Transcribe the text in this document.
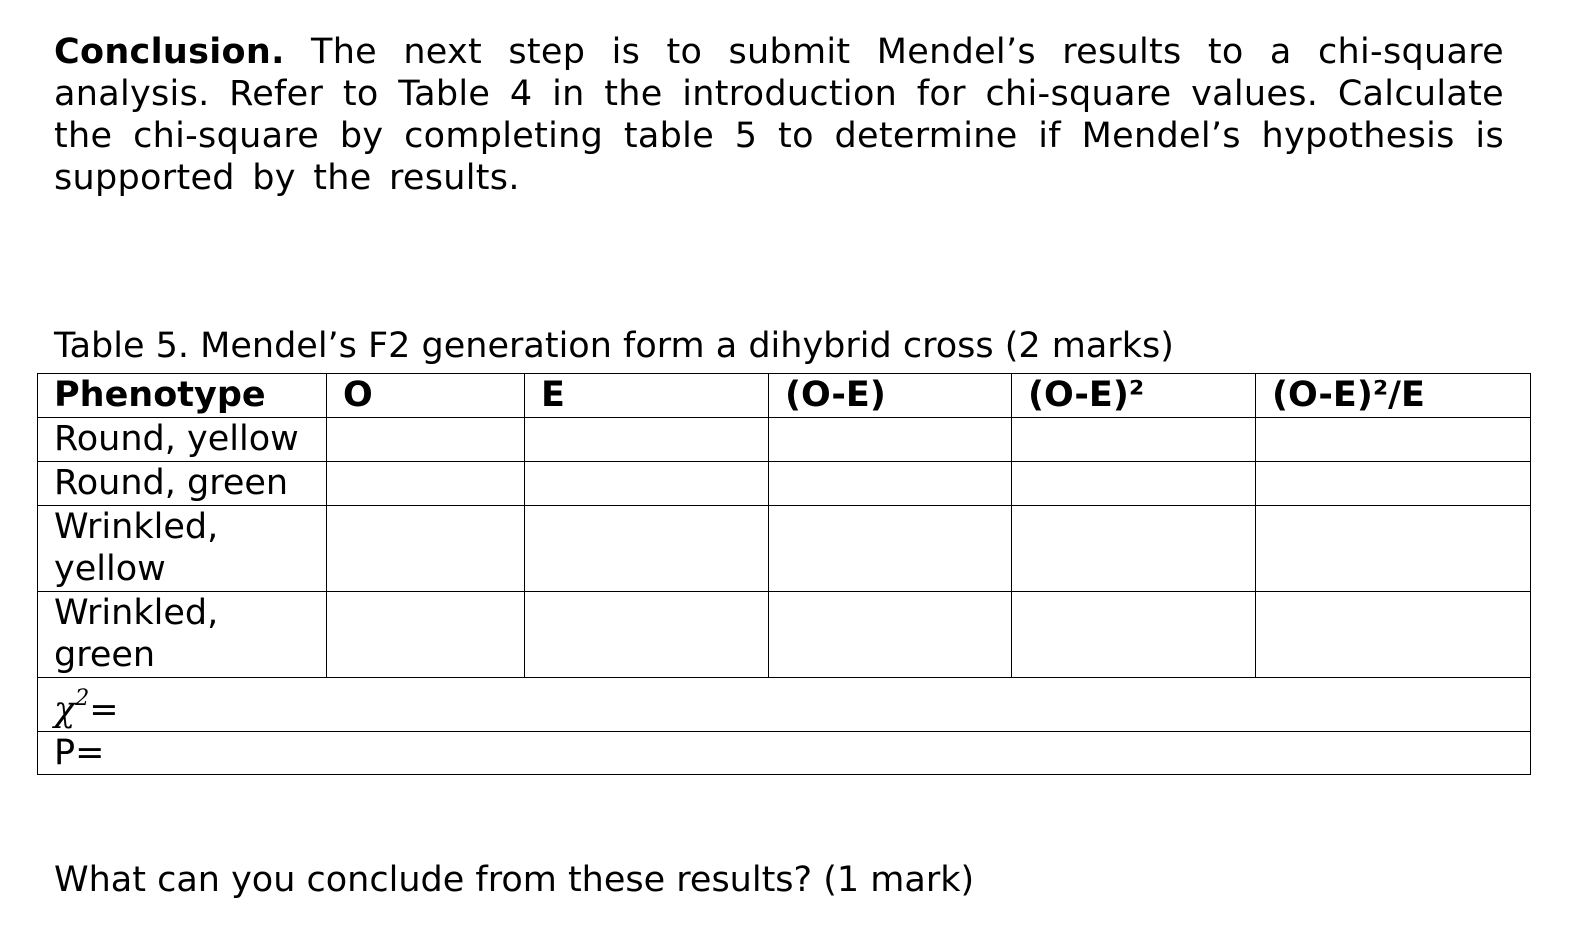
Conclusion. The next step is to submit Mendel’s results to a chi-square analysis. Refer to Table 4 in the introduction for chi-square values. Calculate the chi-square by completing table 5 to determine if Mendel’s hypothesis is supported by the results.
Table 5. Mendel’s F2 generation form a dihybrid cross (2 marks)
Phenotype	O	E	(O-E)	(O-E)²	(O-E)²/E
Round, yellow					
Round, green					
Wrinkled, yellow					
Wrinkled, green					
$\chi^2=$					
P=					
What can you conclude from these results? (1 mark)
